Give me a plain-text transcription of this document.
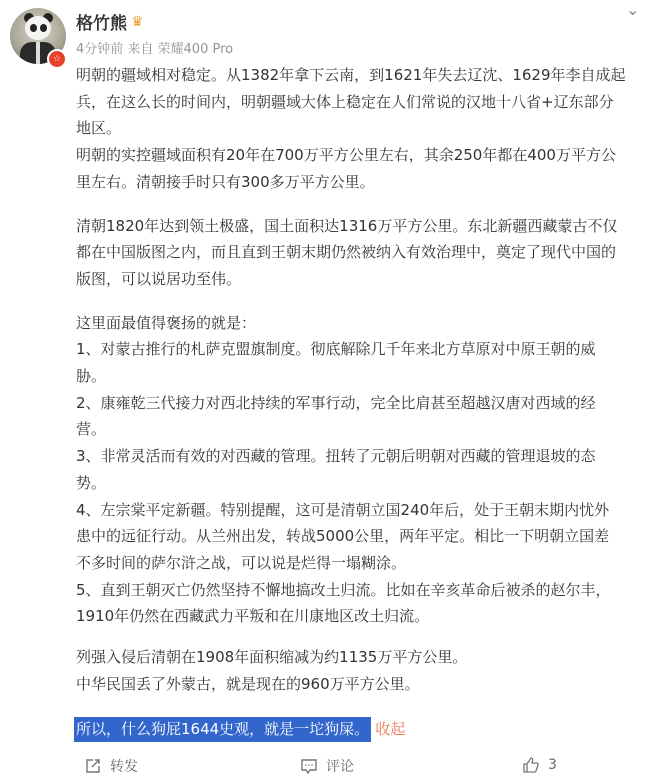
☆
格竹熊 ♛
4分钟前 来自 荣耀400 Pro
⌄
明朝的疆域相对稳定。从1382年拿下云南，到1621年失去辽沈、1629年李自成起
兵，在这么长的时间内，明朝疆域大体上稳定在人们常说的汉地十八省+辽东部分
地区。
明朝的实控疆域面积有20年在700万平方公里左右，其余250年都在400万平方公
里左右。清朝接手时只有300多万平方公里。
清朝1820年达到领土极盛，国土面积达1316万平方公里。东北新疆西藏蒙古不仅
都在中国版图之内，而且直到王朝末期仍然被纳入有效治理中，奠定了现代中国的
版图，可以说居功至伟。
这里面最值得褒扬的就是：
1、对蒙古推行的札萨克盟旗制度。彻底解除几千年来北方草原对中原王朝的威
胁。
2、康雍乾三代接力对西北持续的军事行动，完全比肩甚至超越汉唐对西域的经
营。
3、非常灵活而有效的对西藏的管理。扭转了元朝后明朝对西藏的管理退坡的态
势。
4、左宗棠平定新疆。特别提醒，这可是清朝立国240年后，处于王朝末期内忧外
患中的远征行动。从兰州出发，转战5000公里，两年平定。相比一下明朝立国差
不多时间的萨尔浒之战，可以说是烂得一塌糊涂。
5、直到王朝灭亡仍然坚持不懈地搞改土归流。比如在辛亥革命后被杀的赵尔丰，
1910年仍然在西藏武力平叛和在川康地区改土归流。
列强入侵后清朝在1908年面积缩减为约1135万平方公里。
中华民国丢了外蒙古，就是现在的960万平方公里。
所以，什么狗屁1644史观，就是一坨狗屎。 收起
转发	评论	3
